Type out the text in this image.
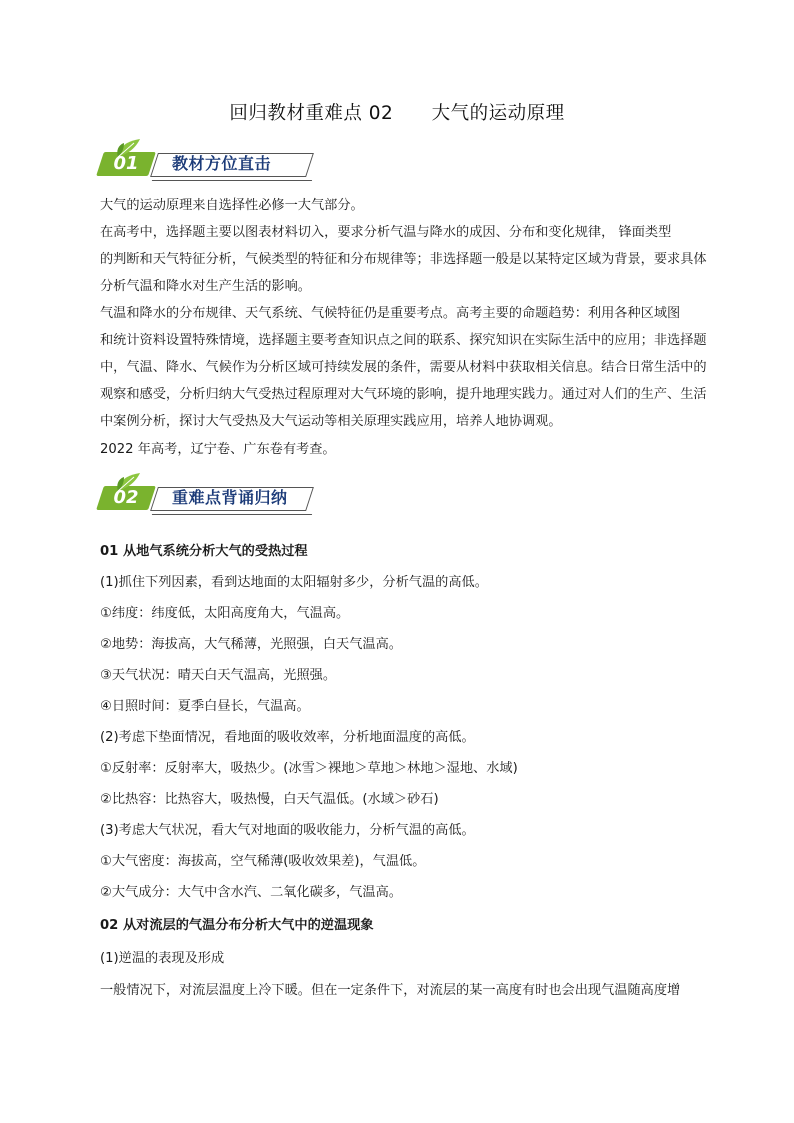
回归教材重难点 02      大气的运动原理
01	教材方位直击
大气的运动原理来自选择性必修一大气部分。
在高考中，选择题主要以图表材料切入，要求分析气温与降水的成因、分布和变化规律， 锋面类型
的判断和天气特征分析，气候类型的特征和分布规律等；非选择题一般是以某特定区域为背景，要求具体
分析气温和降水对生产生活的影响。
气温和降水的分布规律、天气系统、气候特征仍是重要考点。高考主要的命题趋势：利用各种区域图
和统计资料设置特殊情境，选择题主要考查知识点之间的联系、探究知识在实际生活中的应用；非选择题
中，气温、降水、气候作为分析区域可持续发展的条件，需要从材料中获取相关信息。结合日常生活中的
观察和感受，分析归纳大气受热过程原理对大气环境的影响，提升地理实践力。通过对人们的生产、生活
中案例分析，探讨大气受热及大气运动等相关原理实践应用，培养人地协调观。
2022 年高考，辽宁卷、广东卷有考查。
02	重难点背诵归纳
01 从地气系统分析大气的受热过程
(1)抓住下列因素，看到达地面的太阳辐射多少，分析气温的高低。
①纬度：纬度低，太阳高度角大，气温高。
②地势：海拔高，大气稀薄，光照强，白天气温高。
③天气状况：晴天白天气温高，光照强。
④日照时间：夏季白昼长，气温高。
(2)考虑下垫面情况，看地面的吸收效率，分析地面温度的高低。
①反射率：反射率大，吸热少。(冰雪＞裸地＞草地＞林地＞湿地、水域)
②比热容：比热容大，吸热慢，白天气温低。(水域＞砂石)
(3)考虑大气状况，看大气对地面的吸收能力，分析气温的高低。
①大气密度：海拔高，空气稀薄(吸收效果差)，气温低。
②大气成分：大气中含水汽、二氧化碳多，气温高。
02 从对流层的气温分布分析大气中的逆温现象
(1)逆温的表现及形成
一般情况下，对流层温度上冷下暖。但在一定条件下，对流层的某一高度有时也会出现气温随高度增
